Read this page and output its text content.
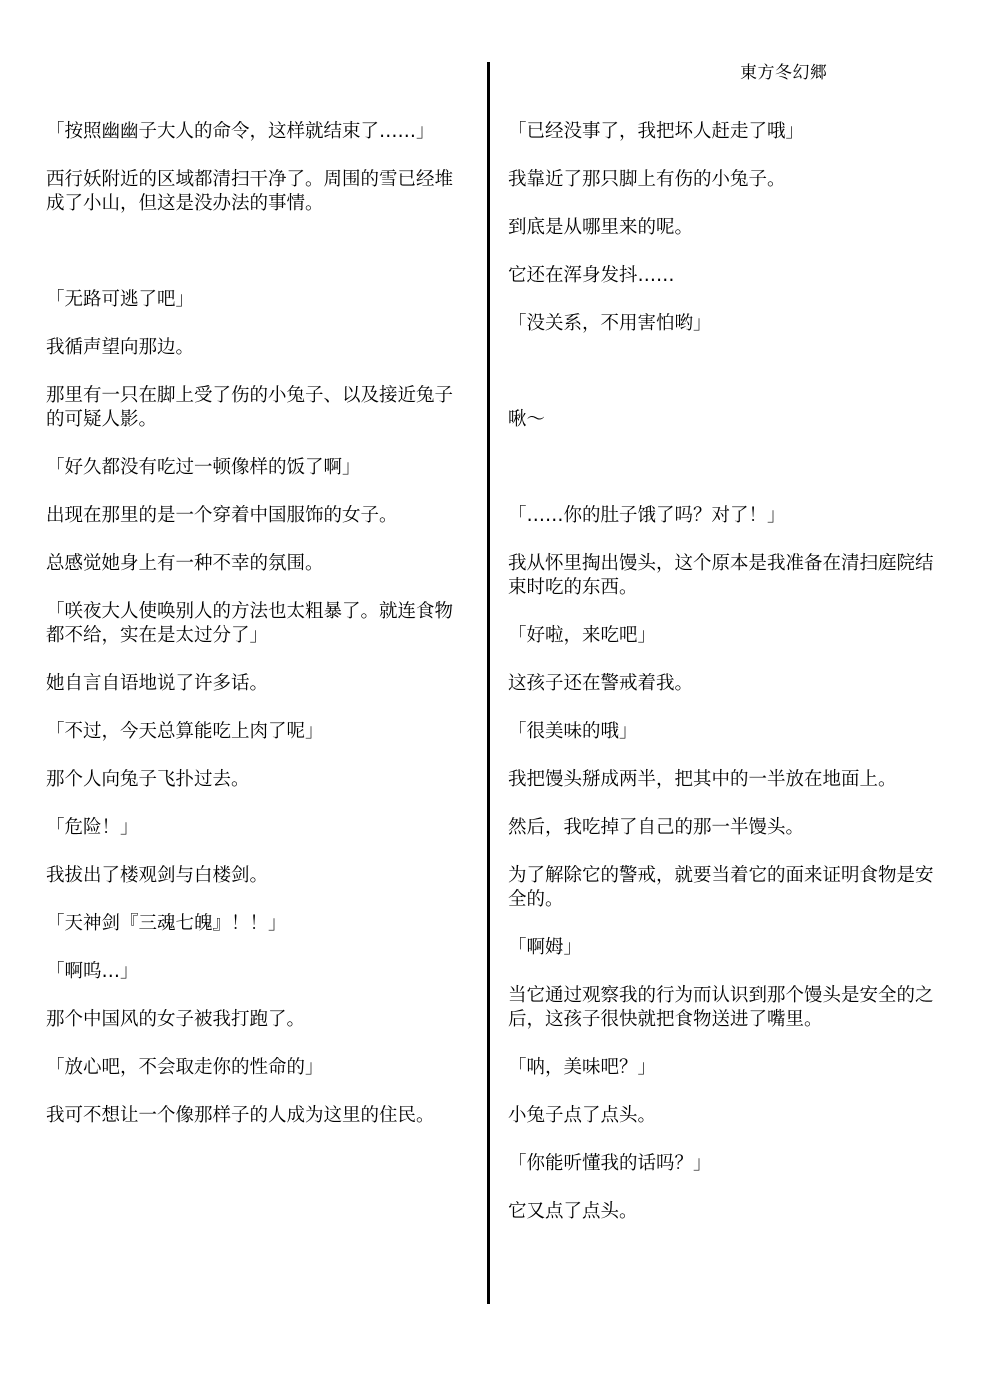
東方冬幻郷

「按照幽幽子大人的命令，这样就结束了……」

西行妖附近的区域都清扫干净了。周围的雪已经堆成了小山，但这是没办法的事情。

「无路可逃了吧」

我循声望向那边。

那里有一只在脚上受了伤的小兔子、以及接近兔子的可疑人影。

「好久都没有吃过一顿像样的饭了啊」

出现在那里的是一个穿着中国服饰的女子。

总感觉她身上有一种不幸的氛围。

「咲夜大人使唤别人的方法也太粗暴了。就连食物都不给，实在是太过分了」

她自言自语地说了许多话。

「不过，今天总算能吃上肉了呢」

那个人向兔子飞扑过去。

「危险！」

我拔出了楼观剑与白楼剑。

「天神剑『三魂七魄』！！」

「啊呜…」

那个中国风的女子被我打跑了。

「放心吧，不会取走你的性命的」

我可不想让一个像那样子的人成为这里的住民。

「已经没事了，我把坏人赶走了哦」

我靠近了那只脚上有伤的小兔子。

到底是从哪里来的呢。

它还在浑身发抖……

「没关系，不用害怕哟」

啾～

「……你的肚子饿了吗？对了！」

我从怀里掏出馒头，这个原本是我准备在清扫庭院结束时吃的东西。

「好啦，来吃吧」

这孩子还在警戒着我。

「很美味的哦」

我把馒头掰成两半，把其中的一半放在地面上。

然后，我吃掉了自己的那一半馒头。

为了解除它的警戒，就要当着它的面来证明食物是安全的。

「啊姆」

当它通过观察我的行为而认识到那个馒头是安全的之后，这孩子很快就把食物送进了嘴里。

「呐，美味吧？」

小兔子点了点头。

「你能听懂我的话吗？」

它又点了点头。
